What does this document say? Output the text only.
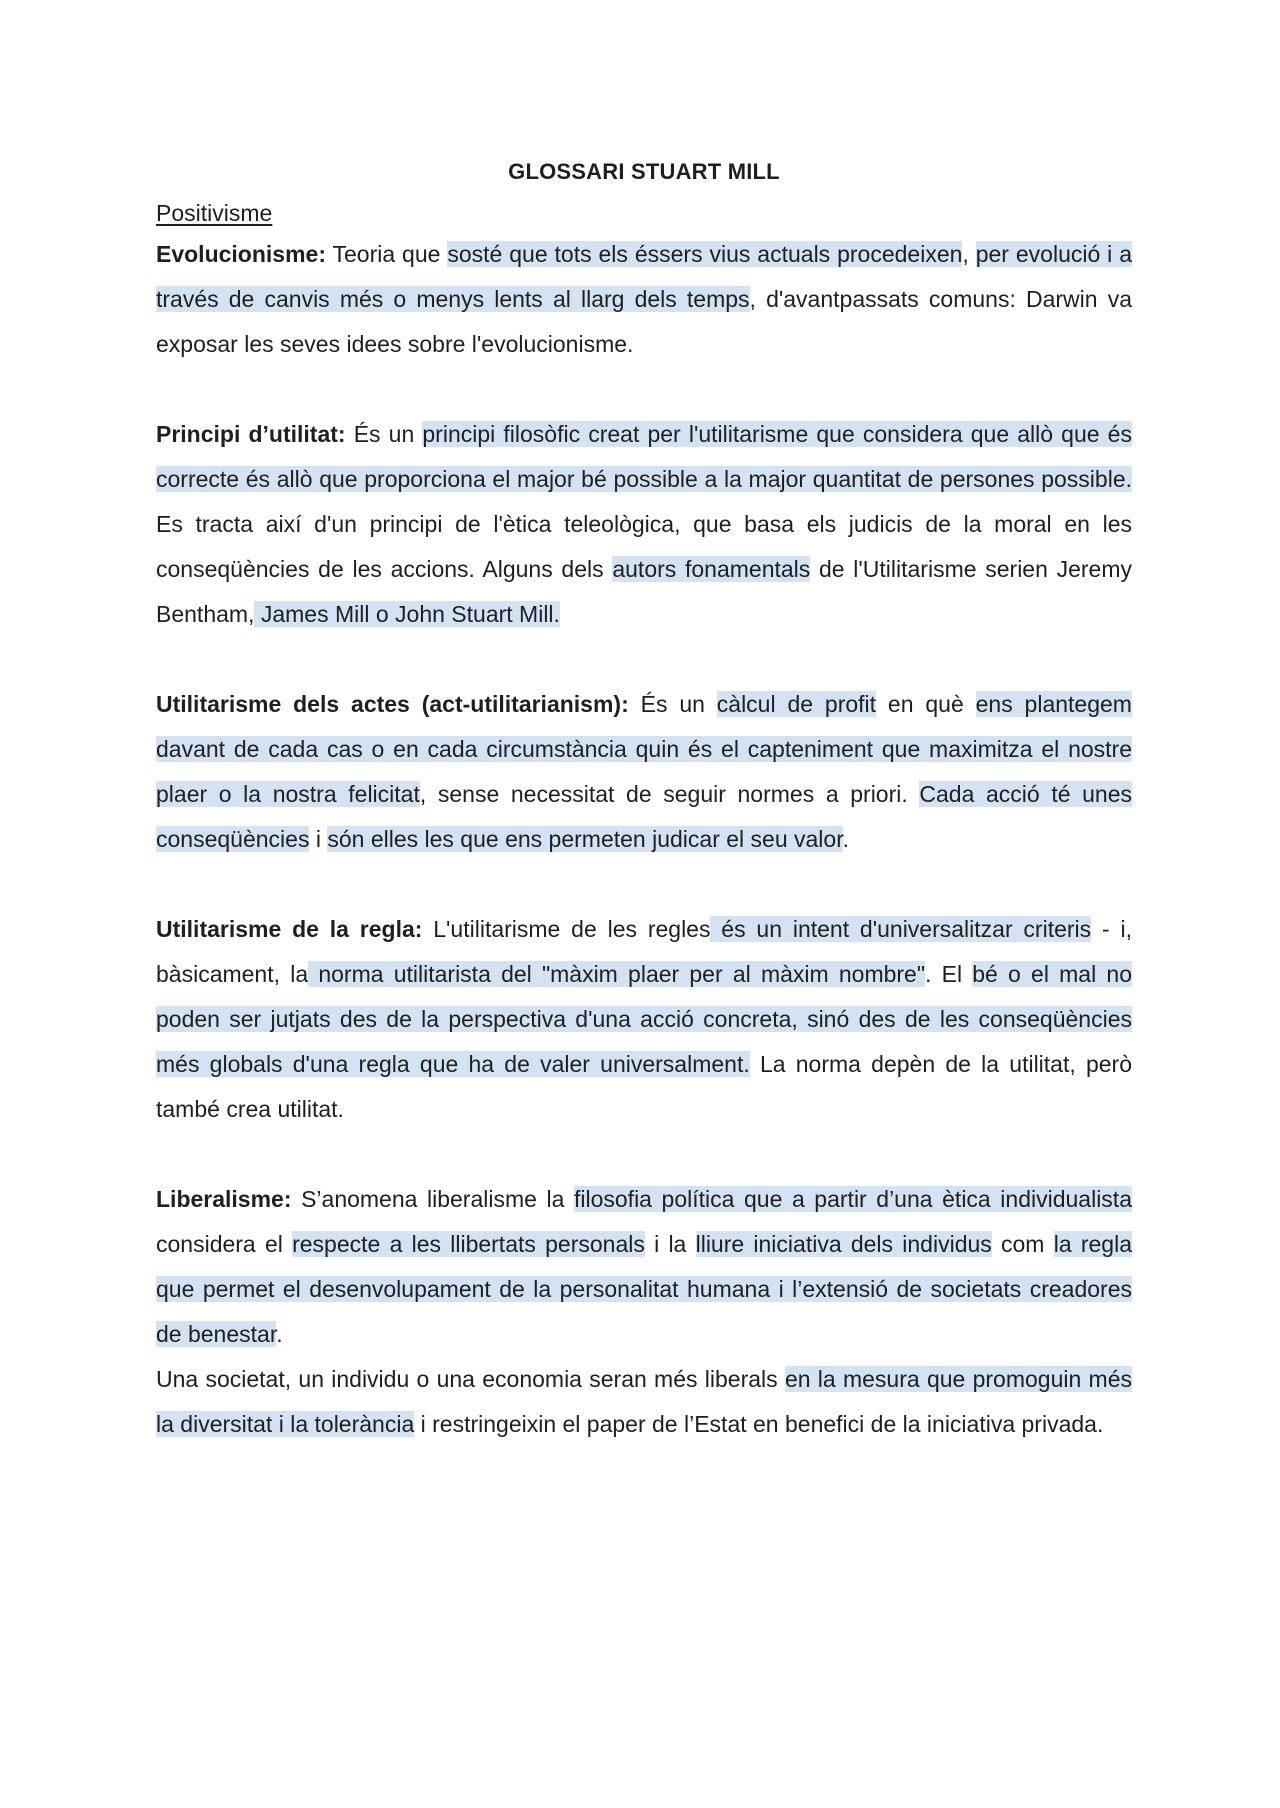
GLOSSARI STUART MILL
Positivisme

Evolucionisme: Teoria que sosté que tots els éssers vius actuals procedeixen, per evolució i a través de canvis més o menys lents al llarg dels temps, d'avantpassats comuns: Darwin va exposar les seves idees sobre l'evolucionisme.

Principi d’utilitat: És un principi filosòfic creat per l'utilitarisme que considera que allò que és correcte és allò que proporciona el major bé possible a la major quantitat de persones possible. Es tracta així d'un principi de l'ètica teleològica, que basa els judicis de la moral en les conseqüències de les accions. Alguns dels autors fonamentals de l'Utilitarisme serien Jeremy Bentham, James Mill o John Stuart Mill.

Utilitarisme dels actes (act-utilitarianism): És un càlcul de profit en què ens plantegem davant de cada cas o en cada circumstància quin és el capteniment que maximitza el nostre plaer o la nostra felicitat, sense necessitat de seguir normes a priori. Cada acció té unes conseqüències i són elles les que ens permeten judicar el seu valor.

Utilitarisme de la regla: L'utilitarisme de les regles és un intent d'universalitzar criteris - i, bàsicament, la norma utilitarista del "màxim plaer per al màxim nombre". El bé o el mal no poden ser jutjats des de la perspectiva d'una acció concreta, sinó des de les conseqüències més globals d'una regla que ha de valer universalment. La norma depèn de la utilitat, però també crea utilitat.

Liberalisme: S’anomena liberalisme la filosofia política que a partir d’una ètica individualista considera el respecte a les llibertats personals i la lliure iniciativa dels individus com la regla que permet el desenvolupament de la personalitat humana i l’extensió de societats creadores de benestar.

Una societat, un individu o una economia seran més liberals en la mesura que promoguin més la diversitat i la tolerància i restringeixin el paper de l’Estat en benefici de la iniciativa privada.
